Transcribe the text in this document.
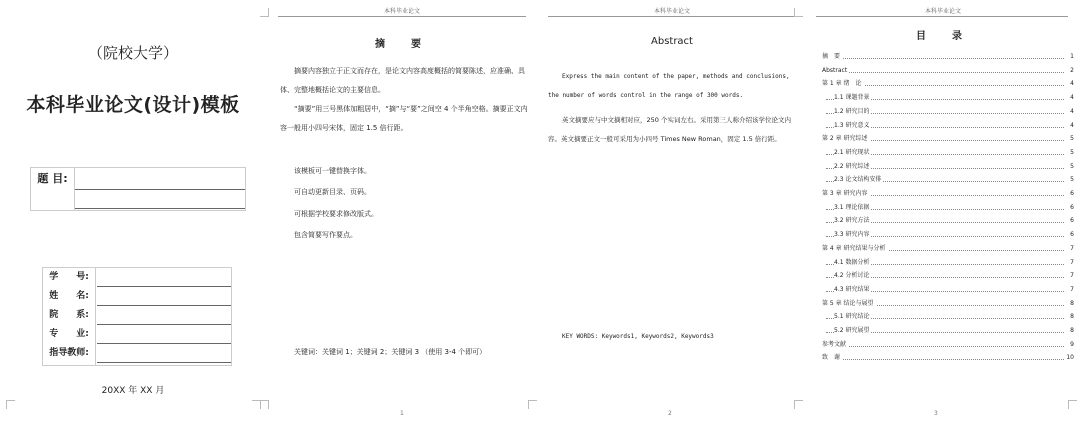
（院校大学）
本科毕业论文(设计)模板
题 目:
学　　号:
姓　　名:
院　　系:
专　　业:
指导教师:
20XX 年 XX 月
本科毕业论文
摘　要
摘要内容独立于正文而存在，是论文内容高度概括的简要陈述，应准确、具体、完整地概括论文的主要信息。
“摘要”用三号黑体加粗居中，“摘”与“要”之间空 4 个半角空格。摘要正文内容一般用小四号宋体，固定 1.5 倍行距。
该模板可一键替换字体。
可自动更新目录、页码。
可根据学校要求修改版式。
包含简要写作要点。
关键词：关键词 1；关键词 2；关键词 3 （使用 3-4 个即可）
1
本科毕业论文
Abstract
Express the main content of the paper, methods and conclusions, the number of words control in the range of 300 words.
英文摘要应与中文摘相对应，250 个实词左右。采用第三人称介绍该学位论文内容。英文摘要正文一般可采用为小四号 Times New Roman，固定 1.5 倍行距。
KEY WORDS: Keywords1, Keywords2, Keywords3
2
本科毕业论文
目　录
摘　要	1
Abstract	2
第 1 章 绪　论	4
1.1 课题背景	4
1.2 研究目的	4
1.3 研究意义	4
第 2 章 研究综述	5
2.1 研究现状	5
2.2 研究综述	5
2.3 论文结构安排	5
第 3 章 研究内容	6
3.1 理论依据	6
3.2 研究方法	6
3.3 研究内容	6
第 4 章 研究结果与分析	7
4.1 数据分析	7
4.2 分析讨论	7
4.3 研究结果	7
第 5 章 结论与展望	8
5.1 研究结论	8
5.2 研究展望	8
参考文献	9
致　谢	10
3
